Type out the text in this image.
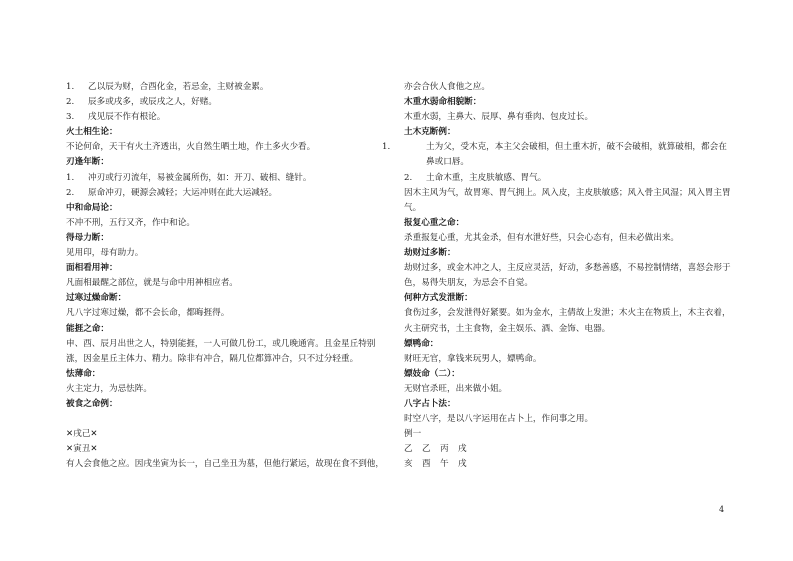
1. 乙以辰为财，合酉化金，若忌金，主财被金累。
2. 辰多或戌多，或辰戌之人，好赌。
3. 戌见辰不作有根论。
火土相生论：
不论何命，天干有火土齐透出，火自然生晒土地，作土多火少看。
刃逢年断：
1. 冲刃或行刃流年，易被金属所伤，如：开刀、破相、缝针。
2. 原命冲刃，硬源会减轻；大运冲则在此大运减轻。
中和命局论：
不冲不刑，五行又齐，作中和论。
得母力断：
见用印，母有助力。
面相看用神：
凡面相最醒之部位，就是与命中用神相应者。
过寒过燥命断：
凡八字过寒过燥，都不会长命，都晦捱得。
能捱之命：
申、酉、辰月出世之人，特别能捱，一人可做几份工，或几晚通宵。且金星丘特别涨，因金星丘主体力、精力。除非有冲合，隔几位都算冲合，只不过分轻重。
怯薄命：
火主定力，为忌怯阵。
被食之命例：
✕戌己✕
✕寅丑✕
有人会食他之应。因戌坐寅为长一，自己坐丑为墓，但他行紧运，故现在食不到他，
亦会合伙人食他之应。
木重水弱命相貌断：
木重水弱，主鼻大、辰厚、鼻有垂肉、包皮过长。
土木克断例：
1.	土为父，受木克，本主父会破相，但土重木折，破不会破相，就算破相，都会在鼻或口唇。
2. 土命木重，主皮肤敏感、胃气。
因木主风为气，故胃寒、胃气拥上。风入皮，主皮肤敏感；风入骨主风湿；风入胃主胃气。
报复心重之命：
杀重报复心重，尤其金杀，但有水泄好些，只会心态有，但未必做出来。
劫财过多断：
劫财过多，或金木冲之人，主反应灵活，好动，多愁善感，不易控制情绪，喜怒会形于色，易得失朋友，为忌会不自觉。
何种方式发泄断：
食伤过多，会发泄得好紧要。如为金水，主倩故上发泄；木火主在物质上，木主衣着，火主研究书，土主食物，金主娱乐、酒、金饰、电器。
嫖鸭命：
财旺无官，拿钱来玩男人，嫖鸭命。
嫖妓命（二）：
无财官杀旺，出来做小姐。
八字占卜法：
时空八字，是以八字运用在占卜上，作问事之用。
例一
乙 乙 丙 戌
亥 酉 午 戌
4
